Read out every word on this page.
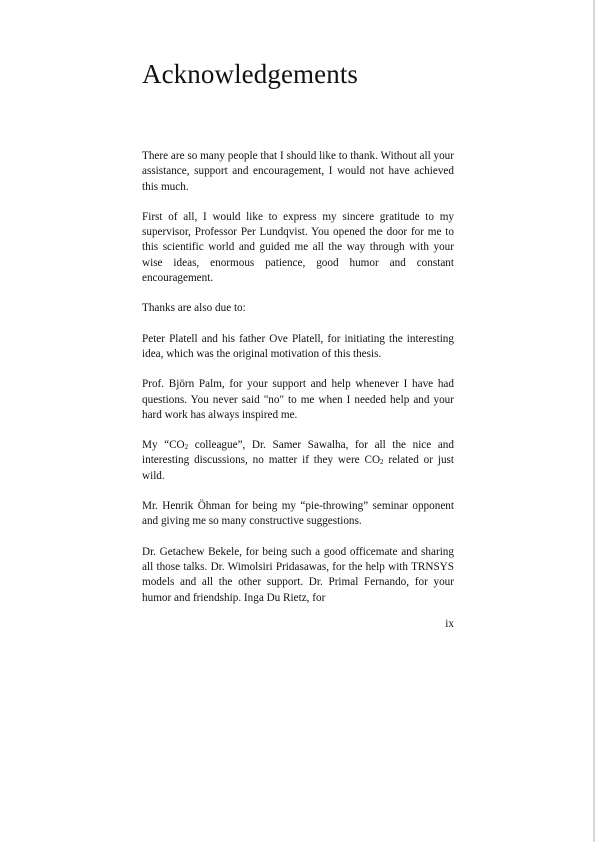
Acknowledgements

There are so many people that I should like to thank. Without all your assistance, support and encouragement, I would not have achieved this much.

First of all, I would like to express my sincere gratitude to my supervisor, Professor Per Lundqvist. You opened the door for me to this scientific world and guided me all the way through with your wise ideas, enormous patience, good humor and constant encouragement.

Thanks are also due to:

Peter Platell and his father Ove Platell, for initiating the interesting idea, which was the original motivation of this thesis.

Prof. Björn Palm, for your support and help whenever I have had questions. You never said "no" to me when I needed help and your hard work has always inspired me.

My “$CO_2$ colleague”, Dr. Samer Sawalha, for all the nice and interesting discussions, no matter if they were $CO_2$ related or just wild.

Mr. Henrik Öhman for being my “pie-throwing” seminar opponent and giving me so many constructive suggestions.

Dr. Getachew Bekele, for being such a good officemate and sharing all those talks. Dr. Wimolsiri Pridasawas, for the help with TRNSYS models and all the other support. Dr. Primal Fernando, for your humor and friendship. Inga Du Rietz, for

ix
